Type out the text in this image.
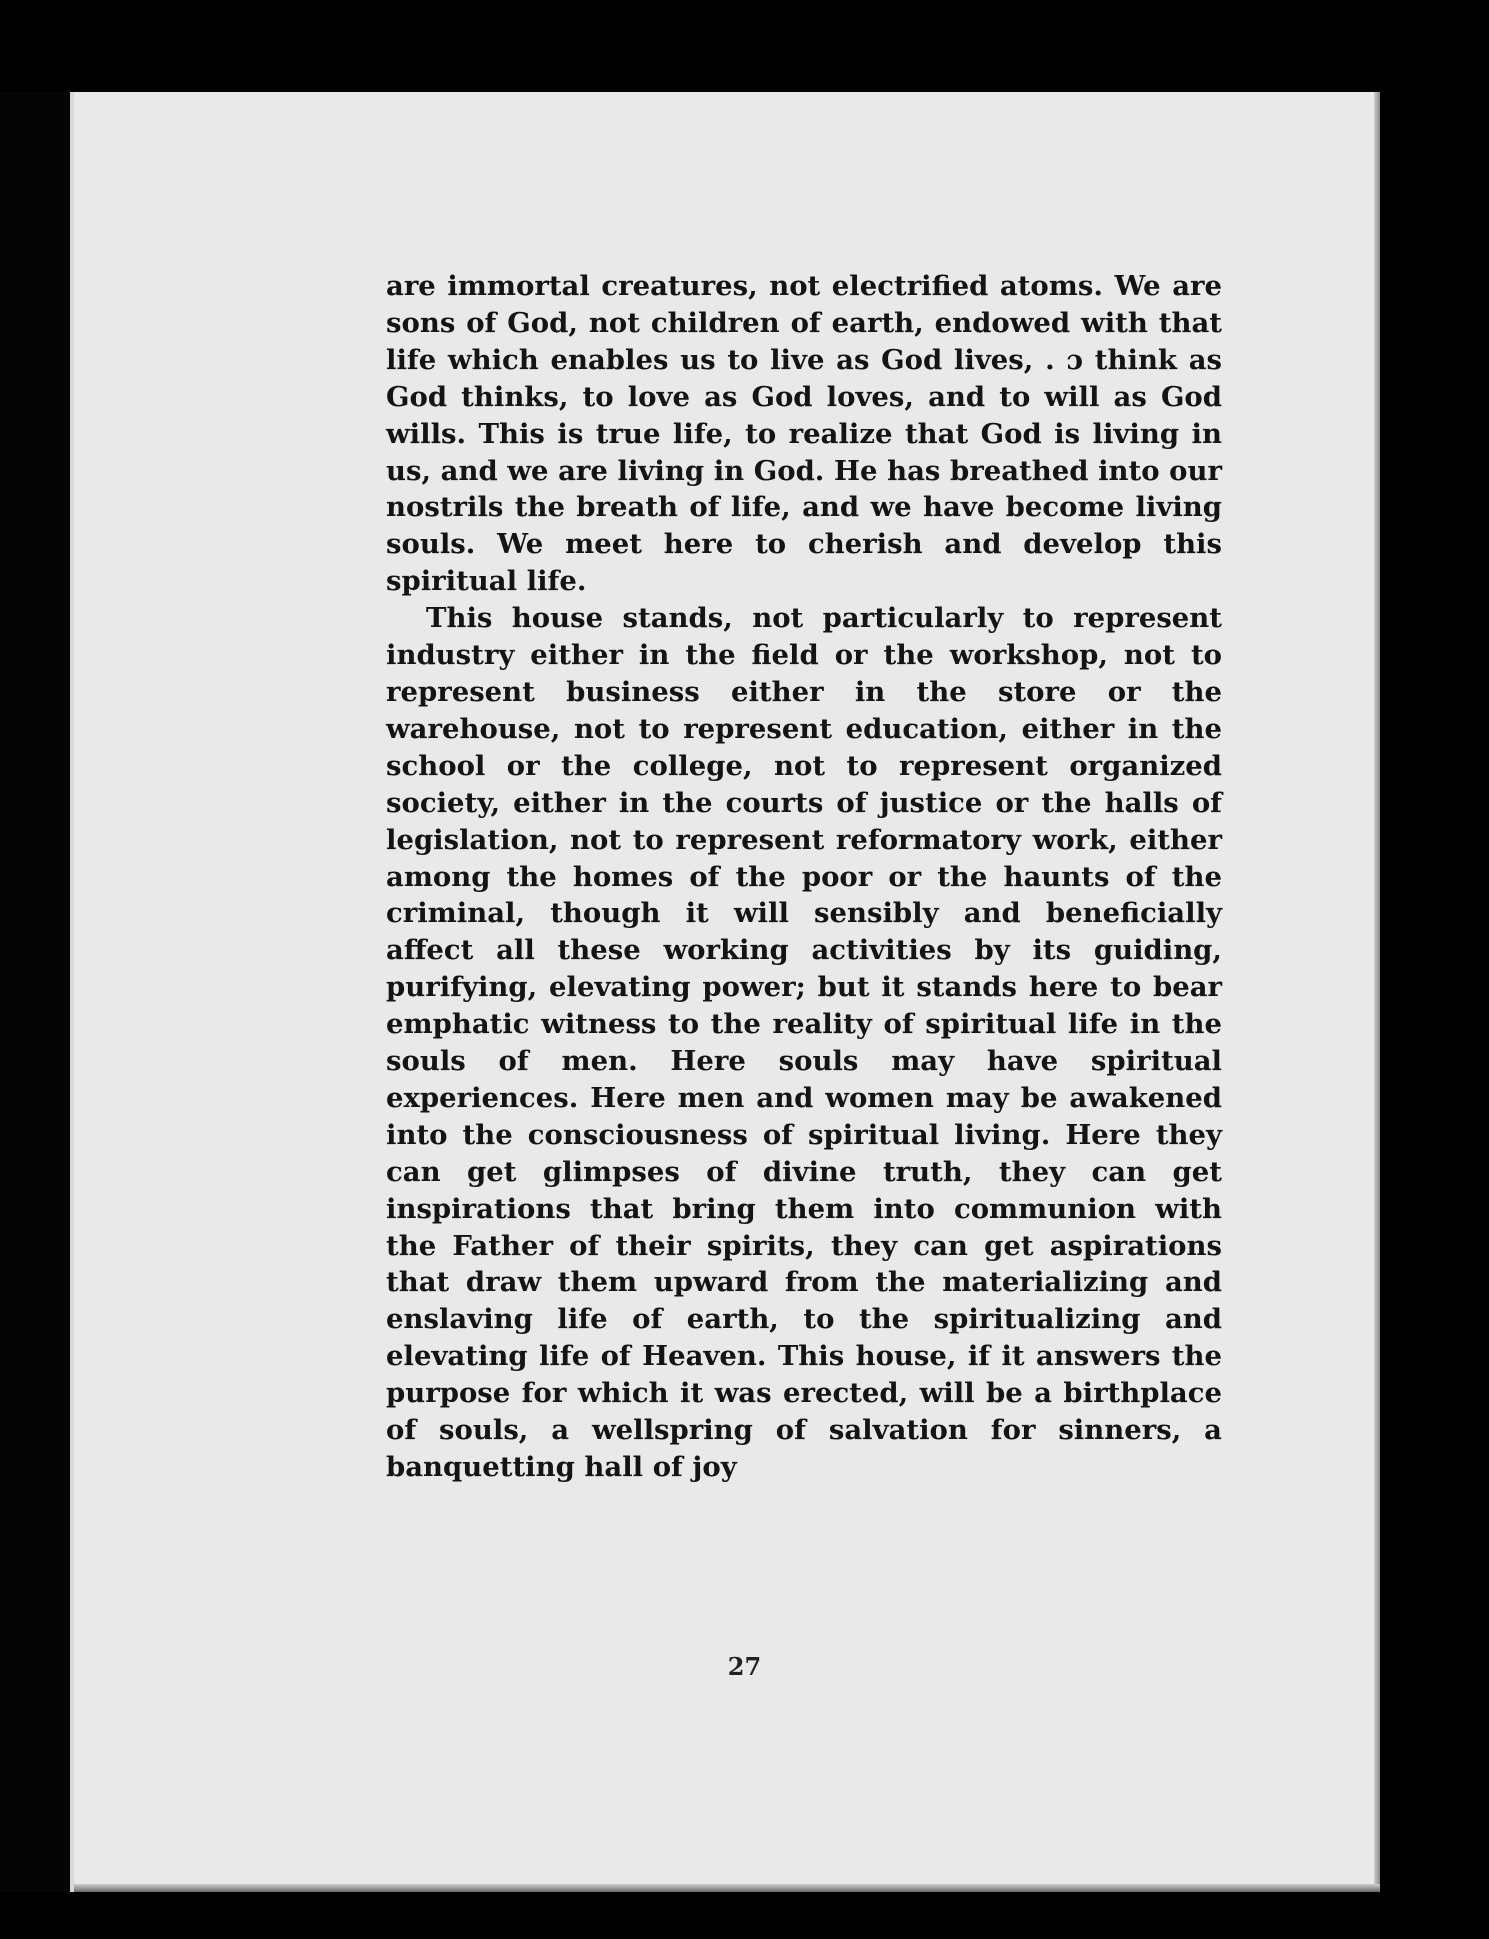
are immortal creatures, not electrified atoms. We are sons of God, not children of earth, endowed with that life which enables us to live as God lives, . ɔ think as God thinks, to love as God loves, and to will as God wills. This is true life, to realize that God is living in us, and we are living in God. He has breathed into our nostrils the breath of life, and we have become living souls. We meet here to cherish and develop this spiritual life.

This house stands, not particularly to represent industry either in the field or the workshop, not to represent business either in the store or the warehouse, not to represent education, either in the school or the college, not to represent organized society, either in the courts of justice or the halls of legislation, not to represent reformatory work, either among the homes of the poor or the haunts of the criminal, though it will sensibly and beneficially affect all these working activities by its guiding, purifying, elevating power; but it stands here to bear emphatic witness to the reality of spiritual life in the souls of men. Here souls may have spiritual experiences. Here men and women may be awakened into the consciousness of spiritual living. Here they can get glimpses of divine truth, they can get inspirations that bring them into communion with the Father of their spirits, they can get aspirations that draw them upward from the materializing and enslaving life of earth, to the spiritualizing and elevating life of Heaven. This house, if it answers the purpose for which it was erected, will be a birthplace of souls, a wellspring of salvation for sinners, a banquetting hall of joy

27
